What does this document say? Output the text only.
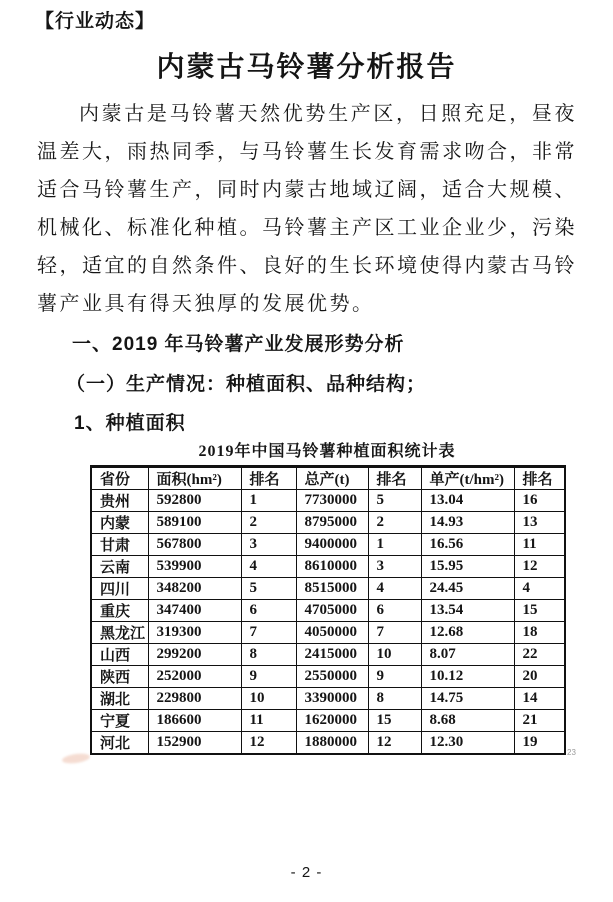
【行业动态】
内蒙古马铃薯分析报告

内蒙古是马铃薯天然优势生产区，日照充足，昼夜温差大，雨热同季，与马铃薯生长发育需求吻合，非常适合马铃薯生产，同时内蒙古地域辽阔，适合大规模、机械化、标准化种植。马铃薯主产区工业企业少，污染轻，适宜的自然条件、良好的生长环境使得内蒙古马铃薯产业具有得天独厚的发展优势。

一、2019 年马铃薯产业发展形势分析
（一）生产情况：种植面积、品种结构；
1、种植面积
2019年中国马铃薯种植面积统计表
省份	面积(hm²)	排名	总产(t)	排名	单产(t/hm²)	排名
贵州	592800	1	7730000	5	13.04	16
内蒙	589100	2	8795000	2	14.93	13
甘肃	567800	3	9400000	1	16.56	11
云南	539900	4	8610000	3	15.95	12
四川	348200	5	8515000	4	24.45	4
重庆	347400	6	4705000	6	13.54	15
黑龙江	319300	7	4050000	7	12.68	18
山西	299200	8	2415000	10	8.07	22
陕西	252000	9	2550000	9	10.12	20
湖北	229800	10	3390000	8	14.75	14
宁夏	186600	11	1620000	15	8.68	21
河北	152900	12	1880000	12	12.30	19
23
- 2 -
